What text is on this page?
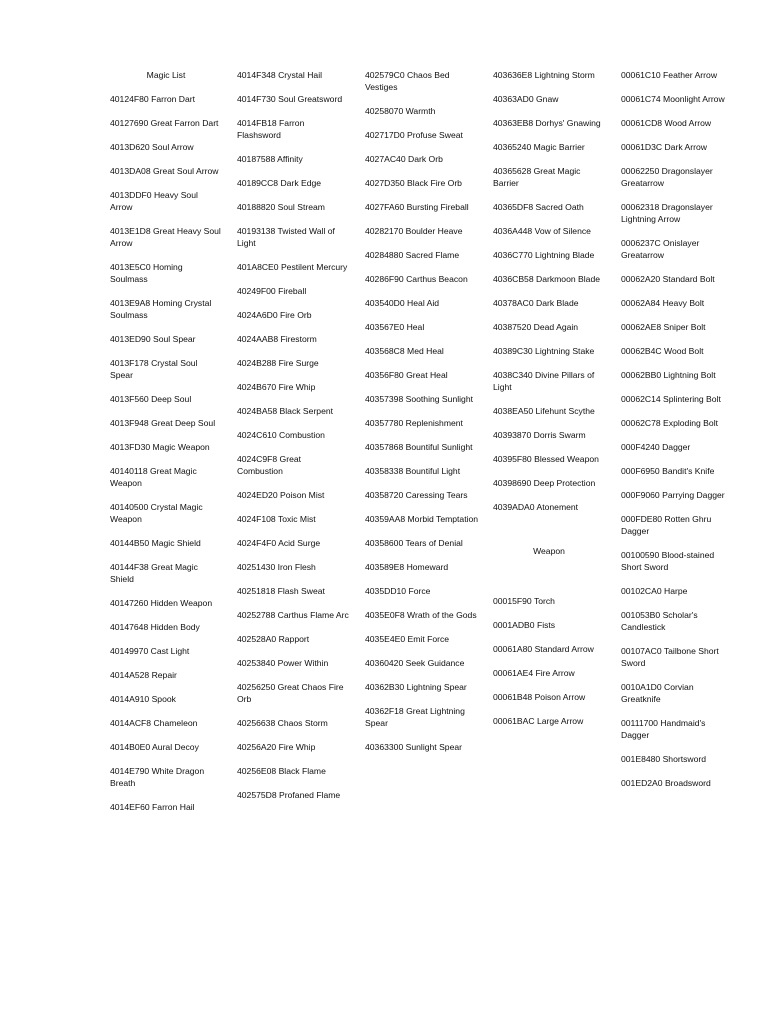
Magic List
40124F80 Farron Dart
40127690 Great Farron Dart
4013D620 Soul Arrow
4013DA08 Great Soul Arrow
4013DDF0 Heavy Soul Arrow
4013E1D8 Great Heavy Soul Arrow
4013E5C0 Homing Soulmass
4013E9A8 Homing Crystal Soulmass
4013ED90 Soul Spear
4013F178 Crystal Soul Spear
4013F560 Deep Soul
4013F948 Great Deep Soul
4013FD30 Magic Weapon
40140118 Great Magic Weapon
40140500 Crystal Magic Weapon
40144B50 Magic Shield
40144F38 Great Magic Shield
40147260 Hidden Weapon
40147648 Hidden Body
40149970 Cast Light
4014A528 Repair
4014A910 Spook
4014ACF8 Chameleon
4014B0E0 Aural Decoy
4014E790 White Dragon Breath
4014EF60 Farron Hail
4014F348 Crystal Hail
4014F730 Soul Greatsword
4014FB18 Farron Flashsword
40187588 Affinity
40189CC8 Dark Edge
40188820 Soul Stream
40193138 Twisted Wall of Light
401A8CE0 Pestilent Mercury
40249F00 Fireball
4024A6D0 Fire Orb
4024AAB8 Firestorm
4024B288 Fire Surge
4024B670 Fire Whip
4024BA58 Black Serpent
4024C610 Combustion
4024C9F8 Great Combustion
4024ED20 Poison Mist
4024F108 Toxic Mist
4024F4F0 Acid Surge
40251430 Iron Flesh
40251818 Flash Sweat
40252788 Carthus Flame Arc
402528A0 Rapport
40253840 Power Within
40256250 Great Chaos Fire Orb
40256638 Chaos Storm
40256A20 Fire Whip
40256E08 Black Flame
402575D8 Profaned Flame
402579C0 Chaos Bed Vestiges
40258070 Warmth
402717D0 Profuse Sweat
4027AC40 Dark Orb
4027D350 Black Fire Orb
4027FA60 Bursting Fireball
40282170 Boulder Heave
40284880 Sacred Flame
40286F90 Carthus Beacon
403540D0 Heal Aid
403567E0 Heal
403568C8 Med Heal
40356F80 Great Heal
40357398 Soothing Sunlight
40357780 Replenishment
40357868 Bountiful Sunlight
40358338 Bountiful Light
40358720 Caressing Tears
40359AA8 Morbid Temptation
40358600 Tears of Denial
403589E8 Homeward
4035DD10 Force
4035E0F8 Wrath of the Gods
4035E4E0 Emit Force
40360420 Seek Guidance
40362B30 Lightning Spear
40362F18 Great Lightning Spear
40363300 Sunlight Spear
403636E8 Lightning Storm
40363AD0 Gnaw
40363EB8 Dorhys' Gnawing
40365240 Magic Barrier
40365628 Great Magic Barrier
40365DF8 Sacred Oath
4036A448 Vow of Silence
4036C770 Lightning Blade
4036CB58 Darkmoon Blade
40378AC0 Dark Blade
40387520 Dead Again
40389C30 Lightning Stake
4038C340 Divine Pillars of Light
4038EA50 Lifehunt Scythe
40393870 Dorris Swarm
40395F80 Blessed Weapon
40398690 Deep Protection
4039ADA0 Atonement
Weapon
00015F90 Torch
0001ADB0 Fists
00061A80 Standard Arrow
00061AE4 Fire Arrow
00061B48 Poison Arrow
00061BAC Large Arrow
00061C10 Feather Arrow
00061C74 Moonlight Arrow
00061CD8 Wood Arrow
00061D3C Dark Arrow
00062250 Dragonslayer Greatarrow
00062318 Dragonslayer Lightning Arrow
0006237C Onislayer Greatarrow
00062A20 Standard Bolt
00062A84 Heavy Bolt
00062AE8 Sniper Bolt
00062B4C Wood Bolt
00062BB0 Lightning Bolt
00062C14 Splintering Bolt
00062C78 Exploding Bolt
000F4240 Dagger
000F6950 Bandit's Knife
000F9060 Parrying Dagger
000FDE80 Rotten Ghru Dagger
00100590 Blood-stained Short Sword
00102CA0 Harpe
001053B0 Scholar's Candlestick
00107AC0 Tailbone Short Sword
0010A1D0 Corvian Greatknife
00111700 Handmaid's Dagger
001E8480 Shortsword
001ED2A0 Broadsword
